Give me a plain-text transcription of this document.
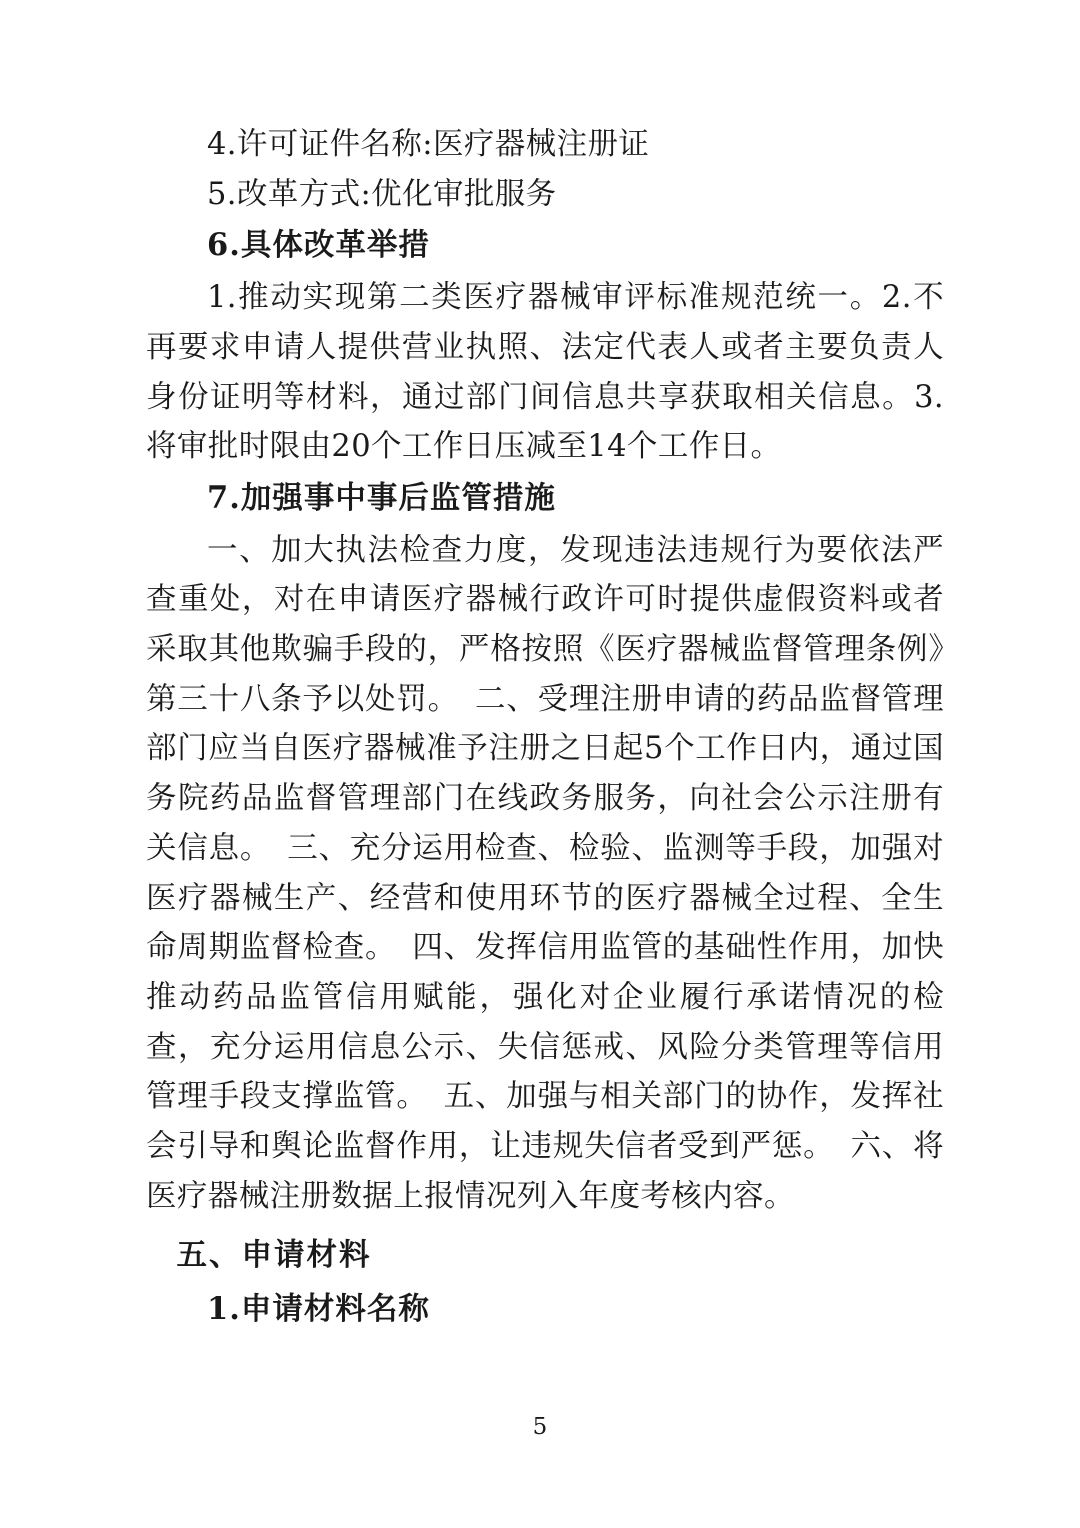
4.许可证件名称:医疗器械注册证

5.改革方式:优化审批服务

6.具体改革举措

1.推动实现第二类医疗器械审评标准规范统一。2.不再要求申请人提供营业执照、法定代表人或者主要负责人身份证明等材料，通过部门间信息共享获取相关信息。3.将审批时限由20个工作日压减至14个工作日。

7.加强事中事后监管措施

一、加大执法检查力度，发现违法违规行为要依法严查重处，对在申请医疗器械行政许可时提供虚假资料或者采取其他欺骗手段的，严格按照《医疗器械监督管理条例》第三十八条予以处罚。　二、受理注册申请的药品监督管理部门应当自医疗器械准予注册之日起5个工作日内，通过国务院药品监督管理部门在线政务服务，向社会公示注册有关信息。　三、充分运用检查、检验、监测等手段，加强对医疗器械生产、经营和使用环节的医疗器械全过程、全生命周期监督检查。　四、发挥信用监管的基础性作用，加快推动药品监管信用赋能，强化对企业履行承诺情况的检查，充分运用信息公示、失信惩戒、风险分类管理等信用管理手段支撑监管。　五、加强与相关部门的协作，发挥社会引导和舆论监督作用，让违规失信者受到严惩。　六、将医疗器械注册数据上报情况列入年度考核内容。

五、申请材料

1.申请材料名称

5
